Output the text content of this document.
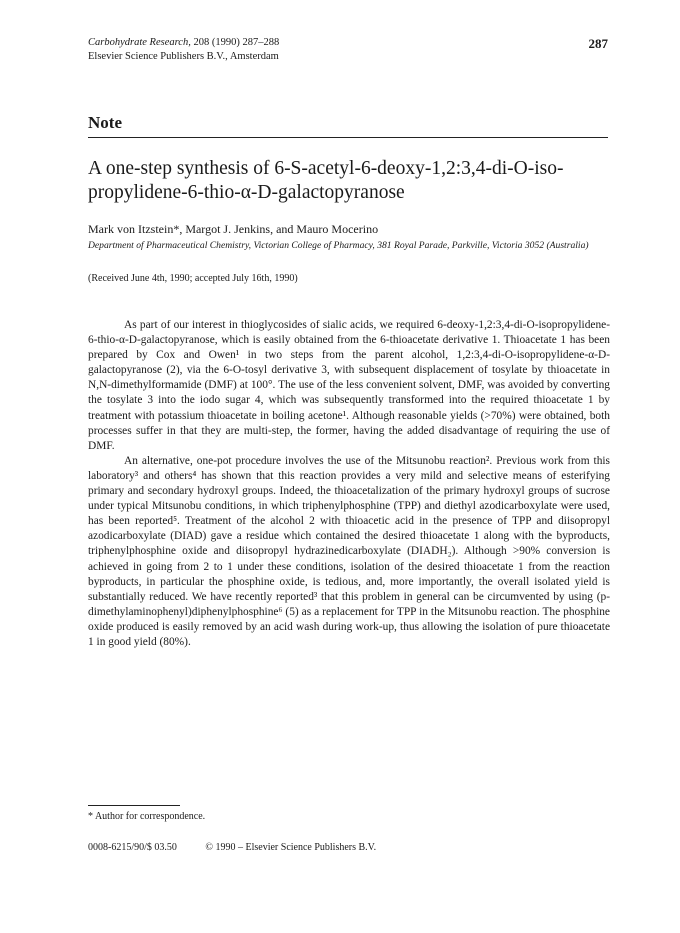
Carbohydrate Research, 208 (1990) 287–288
Elsevier Science Publishers B.V., Amsterdam
287
Note
A one-step synthesis of 6-S-acetyl-6-deoxy-1,2:3,4-di-O-iso-propylidene-6-thio-α-D-galactopyranose
Mark von Itzstein*, Margot J. Jenkins, and Mauro Mocerino
Department of Pharmaceutical Chemistry, Victorian College of Pharmacy, 381 Royal Parade, Parkville, Victoria 3052 (Australia)
(Received June 4th, 1990; accepted July 16th, 1990)

As part of our interest in thioglycosides of sialic acids, we required 6-deoxy-1,2:3,4-di-O-isopropylidene-6-thio-α-D-galactopyranose, which is easily obtained from the 6-thioacetate derivative 1. Thioacetate 1 has been prepared by Cox and Owen¹ in two steps from the parent alcohol, 1,2:3,4-di-O-isopropylidene-α-D-galactopyranose (2), via the 6-O-tosyl derivative 3, with subsequent displacement of tosylate by thioacetate in N,N-dimethylformamide (DMF) at 100°. The use of the less convenient solvent, DMF, was avoided by converting the tosylate 3 into the iodo sugar 4, which was subsequently transformed into the required thioacetate 1 by treatment with potassium thioacetate in boiling acetone¹. Although reasonable yields (>70%) were obtained, both processes suffer in that they are multi-step, the former, having the added disadvantage of requiring the use of DMF.

An alternative, one-pot procedure involves the use of the Mitsunobu reaction². Previous work from this laboratory³ and others⁴ has shown that this reaction provides a very mild and selective means of esterifying primary and secondary hydroxyl groups. Indeed, the thioacetalization of the primary hydroxyl groups of sucrose under typical Mitsunobu conditions, in which triphenylphosphine (TPP) and diethyl azodicarboxylate were used, has been reported⁵. Treatment of the alcohol 2 with thioacetic acid in the presence of TPP and diisopropyl azodicarboxylate (DIAD) gave a residue which contained the desired thioacetate 1 along with the byproducts, triphenylphosphine oxide and diisopropyl hydrazinedicarboxylate (DIADH₂). Although >90% conversion is achieved in going from 2 to 1 under these conditions, isolation of the desired thioacetate 1 from the reaction byproducts, in particular the phosphine oxide, is tedious, and, more importantly, the overall isolated yield is substantially reduced. We have recently reported³ that this problem in general can be circumvented by using (p-dimethylaminophenyl)diphenylphosphine⁶ (5) as a replacement for TPP in the Mitsunobu reaction. The phosphine oxide produced is easily removed by an acid wash during work-up, thus allowing the isolation of pure thioacetate 1 in good yield (80%).

* Author for correspondence.
0008-6215/90/$ 03.50	© 1990 – Elsevier Science Publishers B.V.
